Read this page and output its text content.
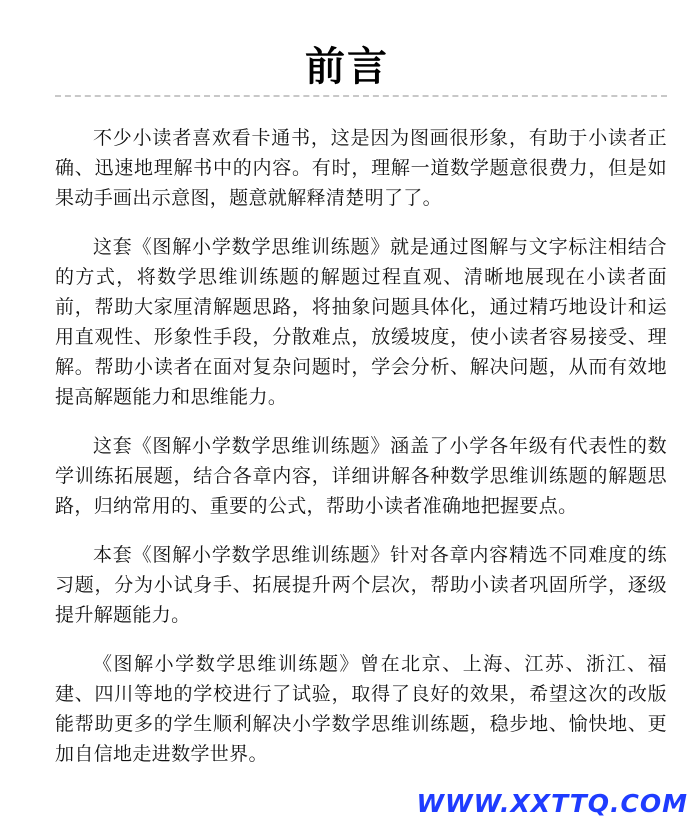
前言

不少小读者喜欢看卡通书，这是因为图画很形象，有助于小读者正确、迅速地理解书中的内容。有时，理解一道数学题意很费力，但是如果动手画出示意图，题意就解释清楚明了了。

这套《图解小学数学思维训练题》就是通过图解与文字标注相结合的方式，将数学思维训练题的解题过程直观、清晰地展现在小读者面前，帮助大家厘清解题思路，将抽象问题具体化，通过精巧地设计和运用直观性、形象性手段，分散难点，放缓坡度，使小读者容易接受、理解。帮助小读者在面对复杂问题时，学会分析、解决问题，从而有效地提高解题能力和思维能力。

这套《图解小学数学思维训练题》涵盖了小学各年级有代表性的数学训练拓展题，结合各章内容，详细讲解各种数学思维训练题的解题思路，归纳常用的、重要的公式，帮助小读者准确地把握要点。

本套《图解小学数学思维训练题》针对各章内容精选不同难度的练习题，分为小试身手、拓展提升两个层次，帮助小读者巩固所学，逐级提升解题能力。

《图解小学数学思维训练题》曾在北京、上海、江苏、浙江、福建、四川等地的学校进行了试验，取得了良好的效果，希望这次的改版能帮助更多的学生顺利解决小学数学思维训练题，稳步地、愉快地、更加自信地走进数学世界。

WWW.XXTTQ.COM
